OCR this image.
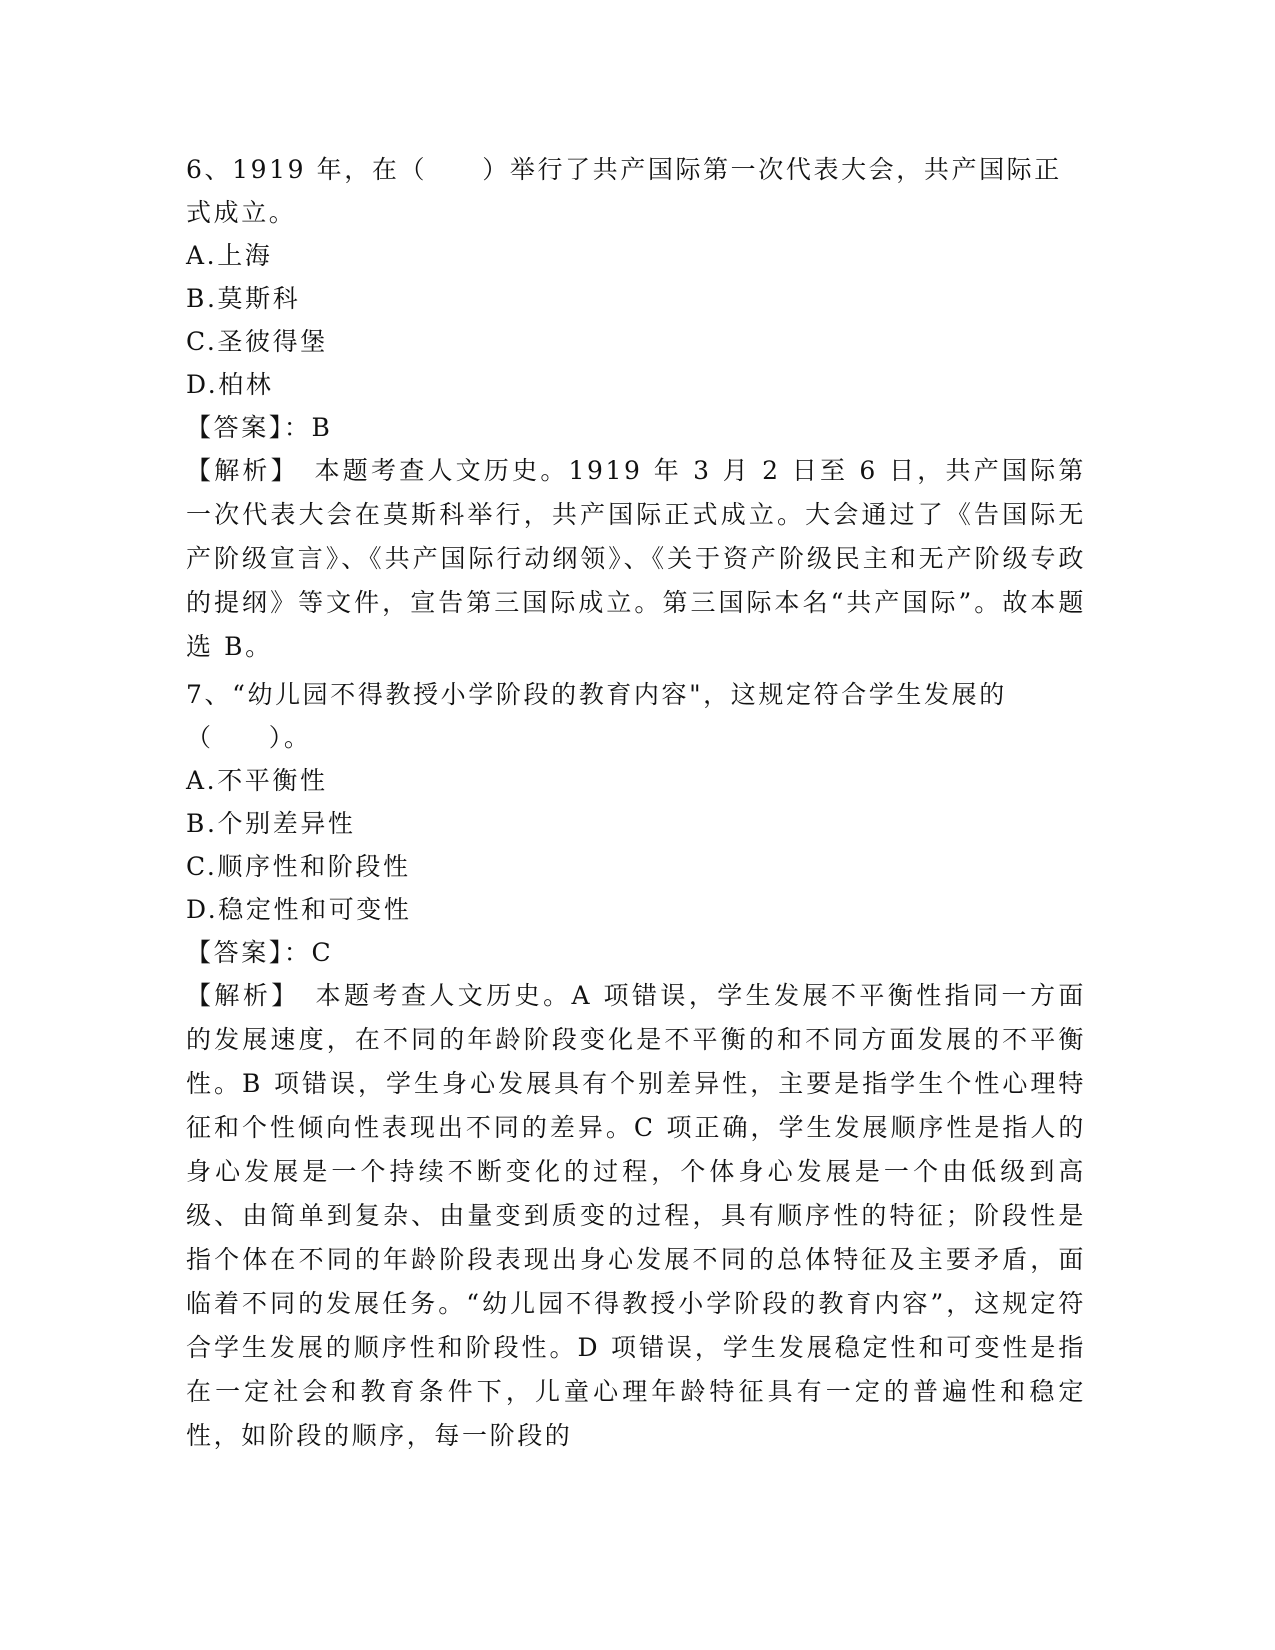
6、1919 年，在（　　）举行了共产国际第一次代表大会，共产国际正式成立。

A.上海

B.莫斯科

C.圣彼得堡

D.柏林

【答案】：B

【解析】　本题考查人文历史。1919 年 3 月 2 日至 6 日，共产国际第一次代表大会在莫斯科举行，共产国际正式成立。大会通过了《告国际无产阶级宣言》、《共产国际行动纲领》、《关于资产阶级民主和无产阶级专政的提纲》等文件，宣告第三国际成立。第三国际本名“共产国际”。故本题选 B。

7、“幼儿园不得教授小学阶段的教育内容"，这规定符合学生发展的（　　）。

A.不平衡性

B.个别差异性

C.顺序性和阶段性

D.稳定性和可变性

【答案】：C

【解析】　本题考查人文历史。A 项错误，学生发展不平衡性指同一方面的发展速度，在不同的年龄阶段变化是不平衡的和不同方面发展的不平衡性。B 项错误，学生身心发展具有个别差异性，主要是指学生个性心理特征和个性倾向性表现出不同的差异。C 项正确，学生发展顺序性是指人的身心发展是一个持续不断变化的过程，个体身心发展是一个由低级到高级、由简单到复杂、由量变到质变的过程，具有顺序性的特征；阶段性是指个体在不同的年龄阶段表现出身心发展不同的总体特征及主要矛盾，面临着不同的发展任务。“幼儿园不得教授小学阶段的教育内容”，这规定符合学生发展的顺序性和阶段性。D 项错误，学生发展稳定性和可变性是指在一定社会和教育条件下，儿童心理年龄特征具有一定的普遍性和稳定性，如阶段的顺序，每一阶段的
